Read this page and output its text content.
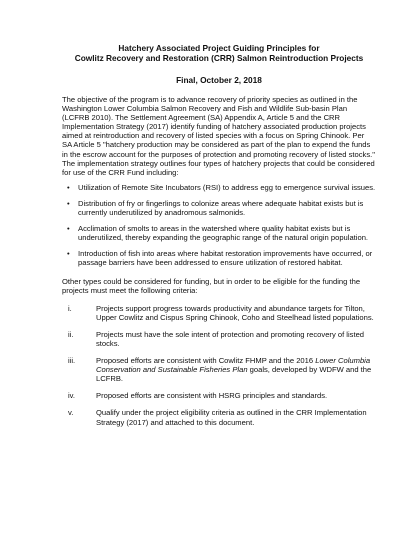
Hatchery Associated Project Guiding Principles for
Cowlitz Recovery and Restoration (CRR) Salmon Reintroduction Projects
Final, October 2, 2018

The objective of the program is to advance recovery of priority species as outlined in the Washington Lower Columbia Salmon Recovery and Fish and Wildlife Sub-basin Plan (LCFRB 2010). The Settlement Agreement (SA) Appendix A, Article 5 and the CRR Implementation Strategy (2017) identify funding of hatchery associated production projects aimed at reintroduction and recovery of listed species with a focus on Spring Chinook. Per SA Article 5 "hatchery production may be considered as part of the plan to expend the funds in the escrow account for the purposes of protection and promoting recovery of listed stocks." The implementation strategy outlines four types of hatchery projects that could be considered for use of the CRR Fund including:

• Utilization of Remote Site Incubators (RSI) to address egg to emergence survival issues.
• Distribution of fry or fingerlings to colonize areas where adequate habitat exists but is currently underutilized by anadromous salmonids.
• Acclimation of smolts to areas in the watershed where quality habitat exists but is underutilized, thereby expanding the geographic range of the natural origin population.
• Introduction of fish into areas where habitat restoration improvements have occurred, or passage barriers have been addressed to ensure utilization of restored habitat.

Other types could be considered for funding, but in order to be eligible for the funding the projects must meet the following criteria:

i.	Projects support progress towards productivity and abundance targets for Tilton, Upper Cowlitz and Cispus Spring Chinook, Coho and Steelhead listed populations.
ii.	Projects must have the sole intent of protection and promoting recovery of listed stocks.
iii.	Proposed efforts are consistent with Cowlitz FHMP and the 2016 Lower Columbia Conservation and Sustainable Fisheries Plan goals, developed by WDFW and the LCFRB.
iv.	Proposed efforts are consistent with HSRG principles and standards.
v.	Qualify under the project eligibility criteria as outlined in the CRR Implementation Strategy (2017) and attached to this document.
